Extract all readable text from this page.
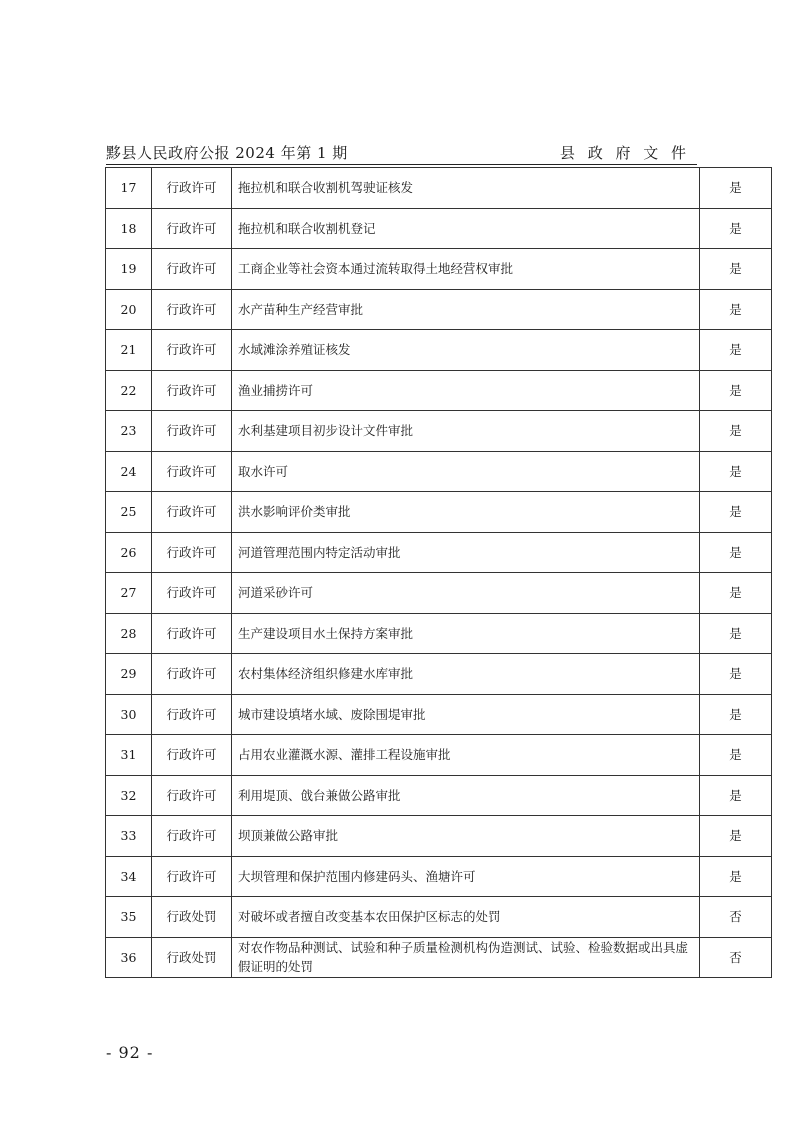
黟县人民政府公报 2024 年第 1 期	县 政 府 文 件
17	行政许可	拖拉机和联合收割机驾驶证核发	是
18	行政许可	拖拉机和联合收割机登记	是
19	行政许可	工商企业等社会资本通过流转取得土地经营权审批	是
20	行政许可	水产苗种生产经营审批	是
21	行政许可	水域滩涂养殖证核发	是
22	行政许可	渔业捕捞许可	是
23	行政许可	水利基建项目初步设计文件审批	是
24	行政许可	取水许可	是
25	行政许可	洪水影响评价类审批	是
26	行政许可	河道管理范围内特定活动审批	是
27	行政许可	河道采砂许可	是
28	行政许可	生产建设项目水土保持方案审批	是
29	行政许可	农村集体经济组织修建水库审批	是
30	行政许可	城市建设填堵水域、废除围堤审批	是
31	行政许可	占用农业灌溉水源、灌排工程设施审批	是
32	行政许可	利用堤顶、戗台兼做公路审批	是
33	行政许可	坝顶兼做公路审批	是
34	行政许可	大坝管理和保护范围内修建码头、渔塘许可	是
35	行政处罚	对破坏或者擅自改变基本农田保护区标志的处罚	否
36	行政处罚	对农作物品种测试、试验和种子质量检测机构伪造测试、试验、检验数据或出具虚假证明的处罚	否
- 92 -
